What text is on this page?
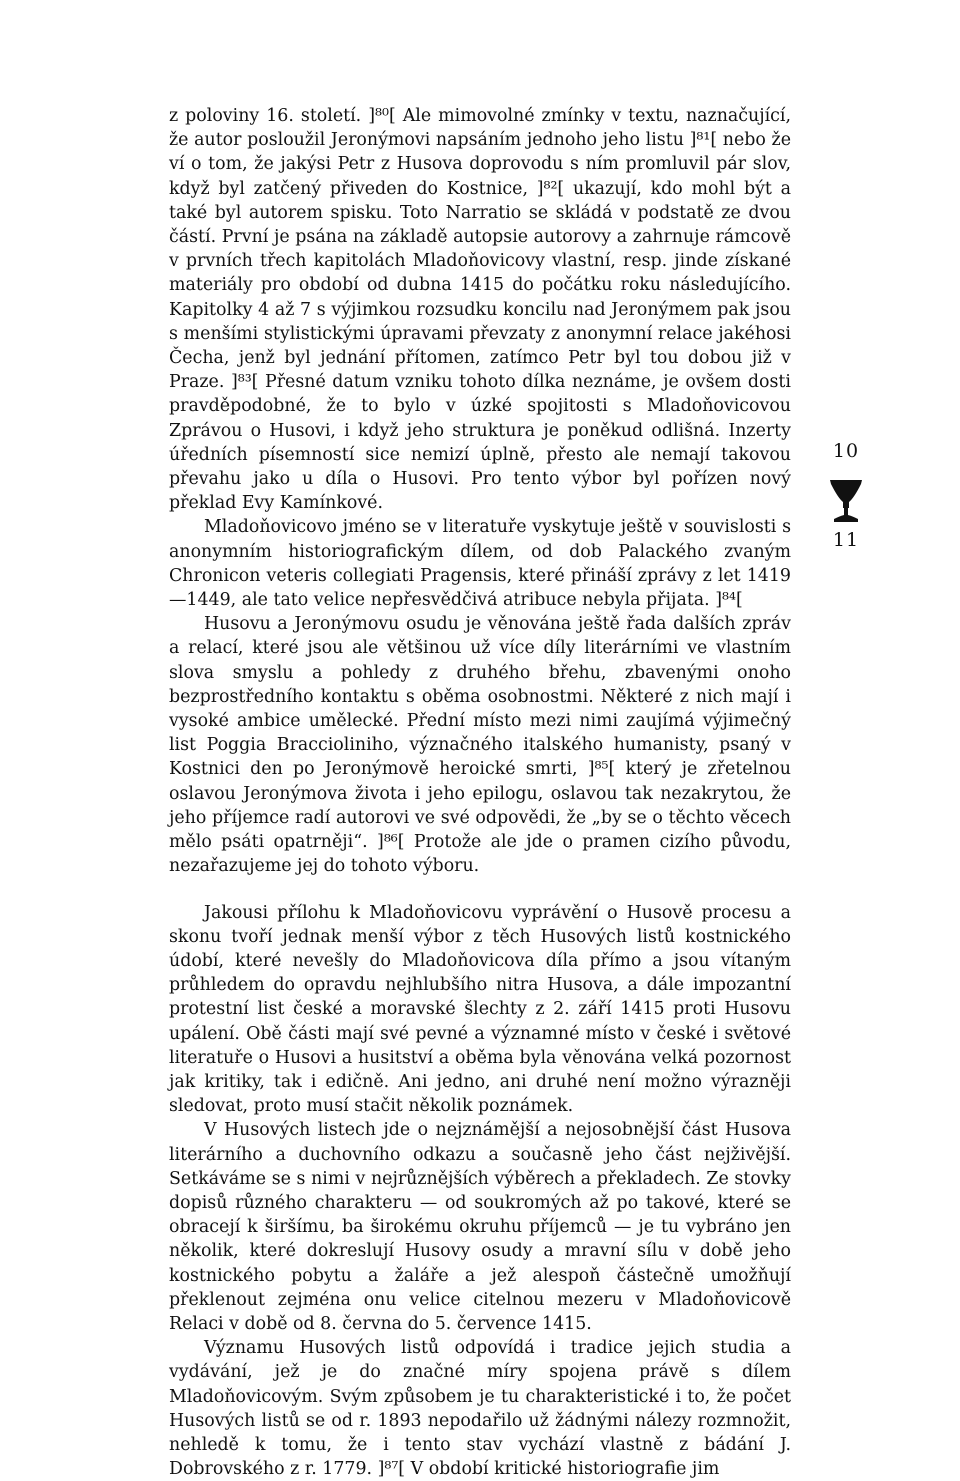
z poloviny 16. století. ]⁸⁰[ Ale mimovolné zmínky v textu, naznačující, že autor posloužil Jeronýmovi napsáním jednoho jeho listu ]⁸¹[ nebo že ví o tom, že jakýsi Petr z Husova doprovodu s ním promluvil pár slov, když byl zatčený přiveden do Kostnice, ]⁸²[ ukazují, kdo mohl být a také byl autorem spisku. Toto Narratio se skládá v podstatě ze dvou částí. První je psána na základě autopsie autorovy a zahrnuje rámcově v prvních třech kapitolách Mladoňovicovy vlastní, resp. jinde získané materiály pro období od dubna 1415 do počátku roku následujícího. Kapitolky 4 až 7 s výjimkou rozsudku koncilu nad Jeronýmem pak jsou s menšími stylistickými úpravami převzaty z anonymní relace jakéhosi Čecha, jenž byl jednání přítomen, zatímco Petr byl tou dobou již v Praze. ]⁸³[ Přesné datum vzniku tohoto dílka neznáme, je ovšem dosti pravděpodobné, že to bylo v úzké spojitosti s Mladoňovicovou Zprávou o Husovi, i když jeho struktura je poněkud odlišná. Inzerty úředních písemností sice nemizí úplně, přesto ale nemají takovou převahu jako u díla o Husovi. Pro tento výbor byl pořízen nový překlad Evy Kamínkové.

Mladoňovicovo jméno se v literatuře vyskytuje ještě v souvislosti s anonymním historiografickým dílem, od dob Palackého zvaným Chronicon veteris collegiati Pragensis, které přináší zprávy z let 1419—1449, ale tato velice nepřesvědčivá atribuce nebyla přijata. ]⁸⁴[

Husovu a Jeronýmovu osudu je věnována ještě řada dalších zpráv a relací, které jsou ale většinou už více díly literárními ve vlastním slova smyslu a pohledy z druhého břehu, zbavenými onoho bezprostředního kontaktu s oběma osobnostmi. Některé z nich mají i vysoké ambice umělecké. Přední místo mezi nimi zaujímá výjimečný list Poggia Braccioliniho, význačného italského humanisty, psaný v Kostnici den po Jeronýmově heroické smrti, ]⁸⁵[ který je zřetelnou oslavou Jeronýmova života i jeho epilogu, oslavou tak nezakrytou, že jeho příjemce radí autorovi ve své odpovědi, že „by se o těchto věcech mělo psáti opatrněji“. ]⁸⁶[ Protože ale jde o pramen cizího původu, nezařazujeme jej do tohoto výboru.

Jakousi přílohu k Mladoňovicovu vyprávění o Husově procesu a skonu tvoří jednak menší výbor z těch Husových listů kostnického údobí, které nevešly do Mladoňovicova díla přímo a jsou vítaným průhledem do opravdu nejhlubšího nitra Husova, a dále impozantní protestní list české a moravské šlechty z 2. září 1415 proti Husovu upálení. Obě části mají své pevné a významné místo v české i světové literatuře o Husovi a husitství a oběma byla věnována velká pozornost jak kritiky, tak i edičně. Ani jedno, ani druhé není možno výrazněji sledovat, proto musí stačit několik poznámek.

V Husových listech jde o nejznámější a nejosobnější část Husova literárního a duchovního odkazu a současně jeho část nejživější. Setkáváme se s nimi v nejrůznějších výběrech a překladech. Ze stovky dopisů různého charakteru — od soukromých až po takové, které se obracejí k širšímu, ba širokému okruhu příjemců — je tu vybráno jen několik, které dokreslují Husovy osudy a mravní sílu v době jeho kostnického pobytu a žaláře a jež alespoň částečně umožňují překlenout zejména onu velice citelnou mezeru v Mladoňovicově Relaci v době od 8. června do 5. července 1415.

Významu Husových listů odpovídá i tradice jejich studia a vydávání, jež je do značné míry spojena právě s dílem Mladoňovicovým. Svým způsobem je tu charakteristické i to, že počet Husových listů se od r. 1893 nepodařilo už žádnými nálezy rozmnožit, nehledě k tomu, že i tento stav vychází vlastně z bádání J. Dobrovského z r. 1779. ]⁸⁷[ V období kritické historiografie jim

10
11
